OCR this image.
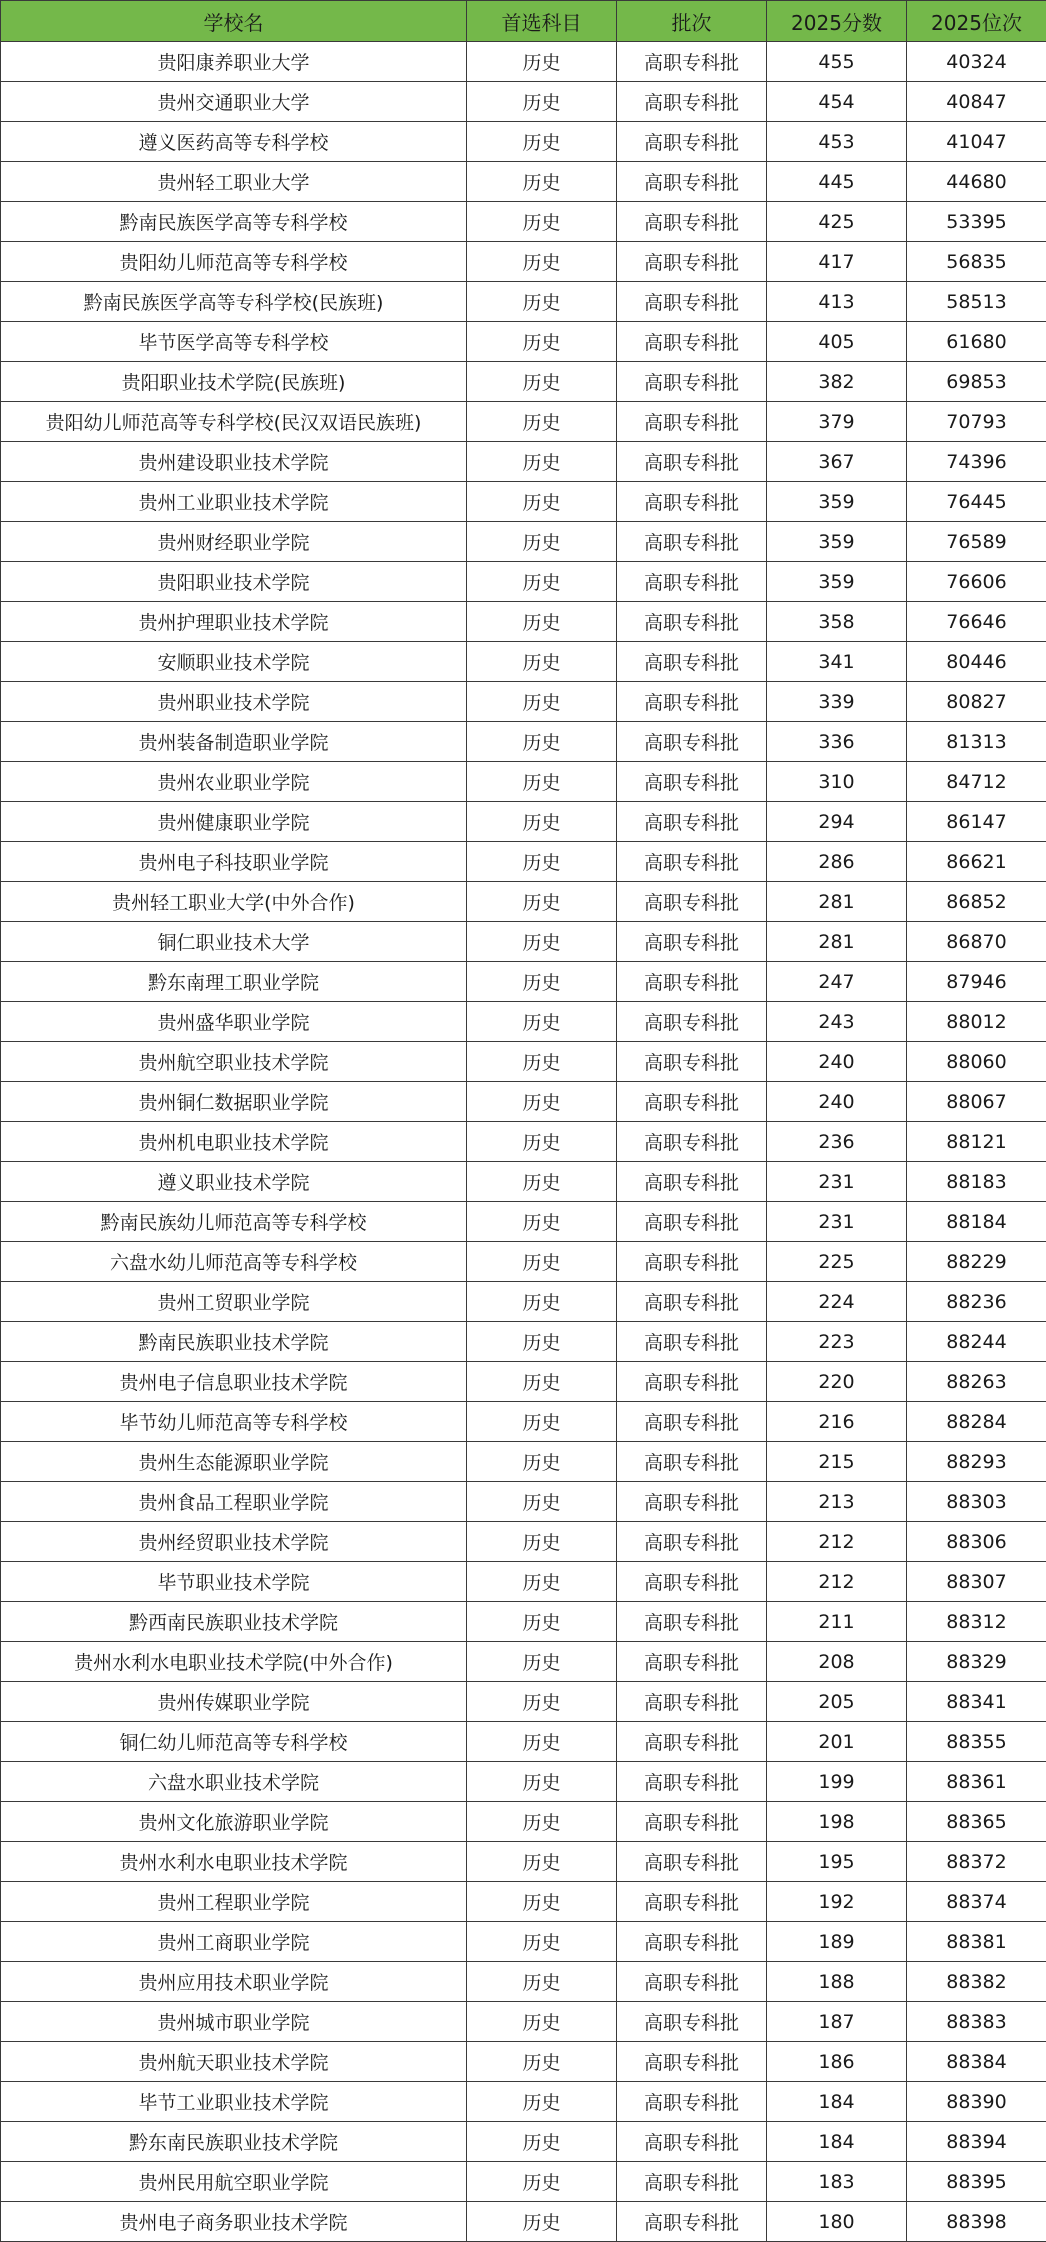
学校名	首选科目	批次	2025分数	2025位次
贵阳康养职业大学	历史	高职专科批	455	40324
贵州交通职业大学	历史	高职专科批	454	40847
遵义医药高等专科学校	历史	高职专科批	453	41047
贵州轻工职业大学	历史	高职专科批	445	44680
黔南民族医学高等专科学校	历史	高职专科批	425	53395
贵阳幼儿师范高等专科学校	历史	高职专科批	417	56835
黔南民族医学高等专科学校(民族班)	历史	高职专科批	413	58513
毕节医学高等专科学校	历史	高职专科批	405	61680
贵阳职业技术学院(民族班)	历史	高职专科批	382	69853
贵阳幼儿师范高等专科学校(民汉双语民族班)	历史	高职专科批	379	70793
贵州建设职业技术学院	历史	高职专科批	367	74396
贵州工业职业技术学院	历史	高职专科批	359	76445
贵州财经职业学院	历史	高职专科批	359	76589
贵阳职业技术学院	历史	高职专科批	359	76606
贵州护理职业技术学院	历史	高职专科批	358	76646
安顺职业技术学院	历史	高职专科批	341	80446
贵州职业技术学院	历史	高职专科批	339	80827
贵州装备制造职业学院	历史	高职专科批	336	81313
贵州农业职业学院	历史	高职专科批	310	84712
贵州健康职业学院	历史	高职专科批	294	86147
贵州电子科技职业学院	历史	高职专科批	286	86621
贵州轻工职业大学(中外合作)	历史	高职专科批	281	86852
铜仁职业技术大学	历史	高职专科批	281	86870
黔东南理工职业学院	历史	高职专科批	247	87946
贵州盛华职业学院	历史	高职专科批	243	88012
贵州航空职业技术学院	历史	高职专科批	240	88060
贵州铜仁数据职业学院	历史	高职专科批	240	88067
贵州机电职业技术学院	历史	高职专科批	236	88121
遵义职业技术学院	历史	高职专科批	231	88183
黔南民族幼儿师范高等专科学校	历史	高职专科批	231	88184
六盘水幼儿师范高等专科学校	历史	高职专科批	225	88229
贵州工贸职业学院	历史	高职专科批	224	88236
黔南民族职业技术学院	历史	高职专科批	223	88244
贵州电子信息职业技术学院	历史	高职专科批	220	88263
毕节幼儿师范高等专科学校	历史	高职专科批	216	88284
贵州生态能源职业学院	历史	高职专科批	215	88293
贵州食品工程职业学院	历史	高职专科批	213	88303
贵州经贸职业技术学院	历史	高职专科批	212	88306
毕节职业技术学院	历史	高职专科批	212	88307
黔西南民族职业技术学院	历史	高职专科批	211	88312
贵州水利水电职业技术学院(中外合作)	历史	高职专科批	208	88329
贵州传媒职业学院	历史	高职专科批	205	88341
铜仁幼儿师范高等专科学校	历史	高职专科批	201	88355
六盘水职业技术学院	历史	高职专科批	199	88361
贵州文化旅游职业学院	历史	高职专科批	198	88365
贵州水利水电职业技术学院	历史	高职专科批	195	88372
贵州工程职业学院	历史	高职专科批	192	88374
贵州工商职业学院	历史	高职专科批	189	88381
贵州应用技术职业学院	历史	高职专科批	188	88382
贵州城市职业学院	历史	高职专科批	187	88383
贵州航天职业技术学院	历史	高职专科批	186	88384
毕节工业职业技术学院	历史	高职专科批	184	88390
黔东南民族职业技术学院	历史	高职专科批	184	88394
贵州民用航空职业学院	历史	高职专科批	183	88395
贵州电子商务职业技术学院	历史	高职专科批	180	88398
